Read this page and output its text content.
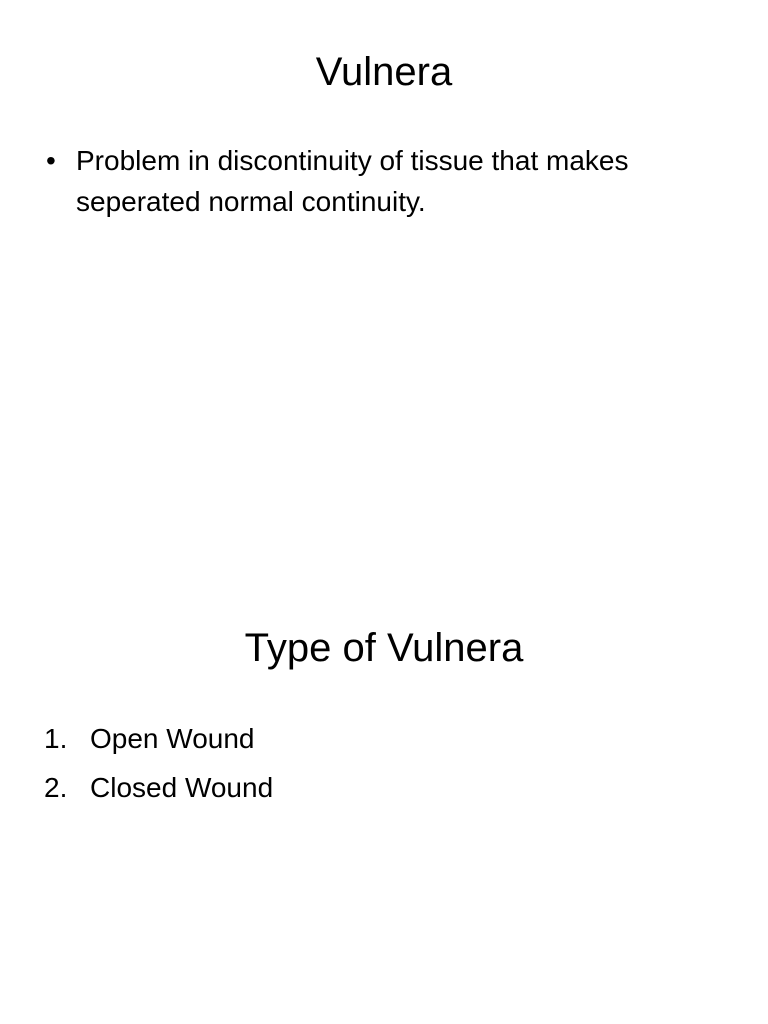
Vulnera
• Problem in discontinuity of tissue that makes seperated normal continuity.
Type of Vulnera
1. Open Wound
2. Closed Wound
